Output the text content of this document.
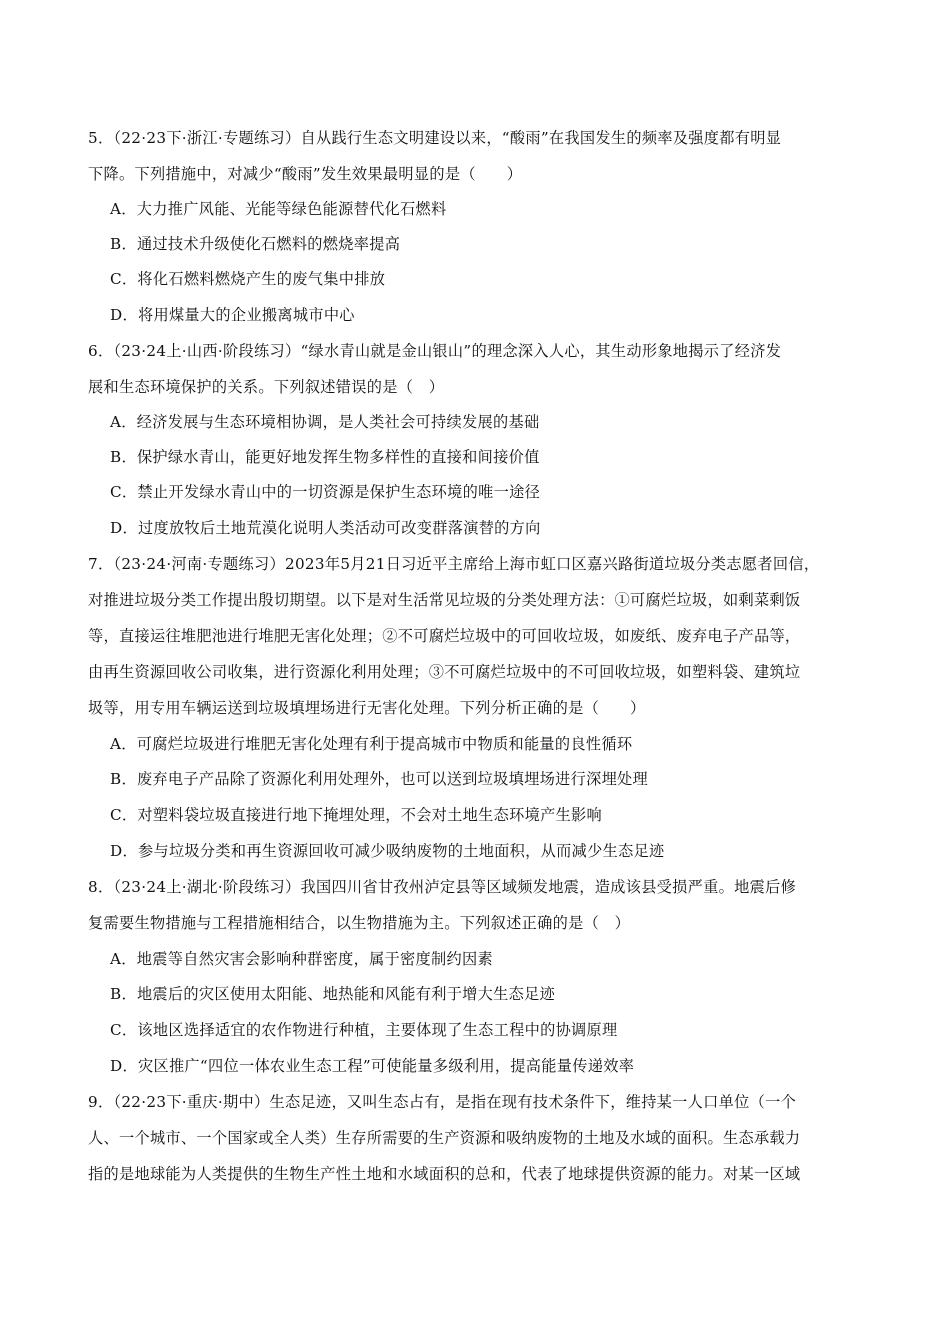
5．（22·23下·浙江·专题练习）自从践行生态文明建设以来，“酸雨”在我国发生的频率及强度都有明显
下降。下列措施中，对减少“酸雨”发生效果最明显的是（　　）
A．大力推广风能、光能等绿色能源替代化石燃料
B．通过技术升级使化石燃料的燃烧率提高
C．将化石燃料燃烧产生的废气集中排放
D．将用煤量大的企业搬离城市中心
6．（23·24上·山西·阶段练习）“绿水青山就是金山银山”的理念深入人心，其生动形象地揭示了经济发
展和生态环境保护的关系。下列叙述错误的是（　）
A．经济发展与生态环境相协调，是人类社会可持续发展的基础
B．保护绿水青山，能更好地发挥生物多样性的直接和间接价值
C．禁止开发绿水青山中的一切资源是保护生态环境的唯一途径
D．过度放牧后土地荒漠化说明人类活动可改变群落演替的方向
7．（23·24·河南·专题练习）2023年5月21日习近平主席给上海市虹口区嘉兴路街道垃圾分类志愿者回信，
对推进垃圾分类工作提出殷切期望。以下是对生活常见垃圾的分类处理方法：①可腐烂垃圾，如剩菜剩饭
等，直接运往堆肥池进行堆肥无害化处理；②不可腐烂垃圾中的可回收垃圾，如废纸、废弃电子产品等，
由再生资源回收公司收集，进行资源化利用处理；③不可腐烂垃圾中的不可回收垃圾，如塑料袋、建筑垃
圾等，用专用车辆运送到垃圾填埋场进行无害化处理。下列分析正确的是（　　）
A．可腐烂垃圾进行堆肥无害化处理有利于提高城市中物质和能量的良性循环
B．废弃电子产品除了资源化利用处理外，也可以送到垃圾填埋场进行深埋处理
C．对塑料袋垃圾直接进行地下掩埋处理，不会对土地生态环境产生影响
D．参与垃圾分类和再生资源回收可减少吸纳废物的土地面积，从而减少生态足迹
8．（23·24上·湖北·阶段练习）我国四川省甘孜州泸定县等区域频发地震，造成该县受损严重。地震后修
复需要生物措施与工程措施相结合，以生物措施为主。下列叙述正确的是（　）
A．地震等自然灾害会影响种群密度，属于密度制约因素
B．地震后的灾区使用太阳能、地热能和风能有利于增大生态足迹
C．该地区选择适宜的农作物进行种植，主要体现了生态工程中的协调原理
D．灾区推广“四位一体农业生态工程”可使能量多级利用，提高能量传递效率
9．（22·23下·重庆·期中）生态足迹，又叫生态占有，是指在现有技术条件下，维持某一人口单位（一个
人、一个城市、一个国家或全人类）生存所需要的生产资源和吸纳废物的土地及水域的面积。生态承载力
指的是地球能为人类提供的生物生产性土地和水域面积的总和，代表了地球提供资源的能力。对某一区域
